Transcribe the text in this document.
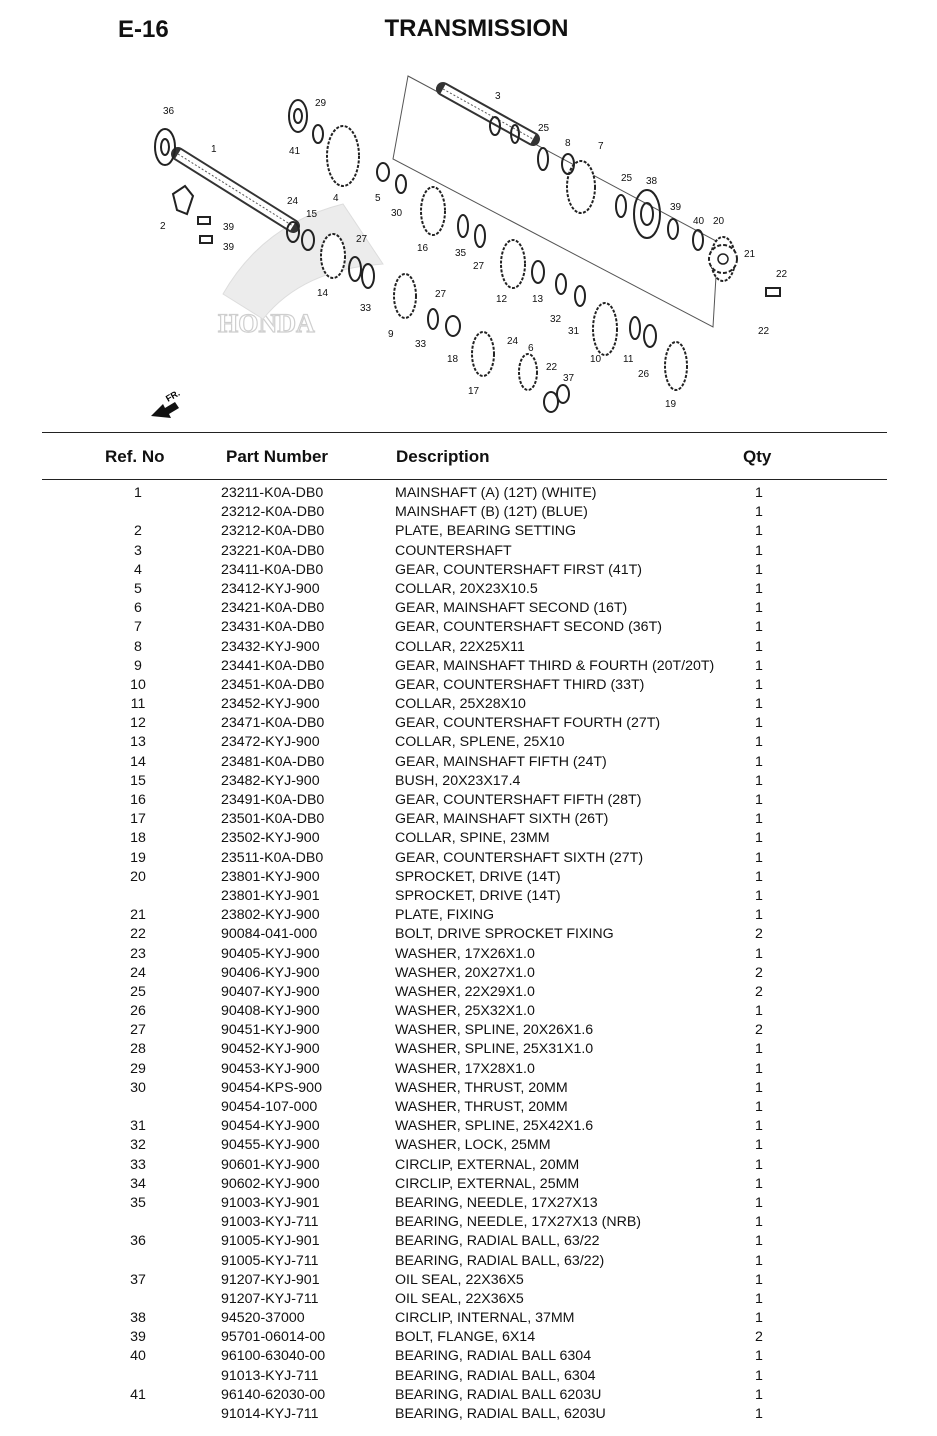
E-16	TRANSMISSION
HONDA
FR.
36
1
2	39
39
29
41
4	5
24
15	30
16	35
27
27
14
33
9
27
33
18
17
24
6
22
37
3
25
8	7
25 38
39
40 20
21
22
22
12 13
32
31
10 11
26
19
Ref. No	Part Number	Description	Qty
1	23211-K0A-DB0	MAINSHAFT (A) (12T) (WHITE)	1
23212-K0A-DB0	MAINSHAFT (B) (12T) (BLUE)	1
2	23212-K0A-DB0	PLATE, BEARING SETTING	1
3	23221-K0A-DB0	COUNTERSHAFT	1
4	23411-K0A-DB0	GEAR, COUNTERSHAFT FIRST (41T)	1
5	23412-KYJ-900	COLLAR, 20X23X10.5	1
6	23421-K0A-DB0	GEAR, MAINSHAFT SECOND (16T)	1
7	23431-K0A-DB0	GEAR, COUNTERSHAFT SECOND (36T)	1
8	23432-KYJ-900	COLLAR, 22X25X11	1
9	23441-K0A-DB0	GEAR, MAINSHAFT THIRD & FOURTH (20T/20T)	1
10	23451-K0A-DB0	GEAR, COUNTERSHAFT THIRD (33T)	1
11	23452-KYJ-900	COLLAR, 25X28X10	1
12	23471-K0A-DB0	GEAR, COUNTERSHAFT FOURTH (27T)	1
13	23472-KYJ-900	COLLAR, SPLENE, 25X10	1
14	23481-K0A-DB0	GEAR, MAINSHAFT FIFTH (24T)	1
15	23482-KYJ-900	BUSH, 20X23X17.4	1
16	23491-K0A-DB0	GEAR, COUNTERSHAFT FIFTH (28T)	1
17	23501-K0A-DB0	GEAR, MAINSHAFT SIXTH (26T)	1
18	23502-KYJ-900	COLLAR, SPINE, 23MM	1
19	23511-K0A-DB0	GEAR, COUNTERSHAFT SIXTH (27T)	1
20	23801-KYJ-900	SPROCKET, DRIVE (14T)	1
23801-KYJ-901	SPROCKET, DRIVE (14T)	1
21	23802-KYJ-900	PLATE, FIXING	1
22	90084-041-000	BOLT, DRIVE SPROCKET FIXING	2
23	90405-KYJ-900	WASHER, 17X26X1.0	1
24	90406-KYJ-900	WASHER, 20X27X1.0	2
25	90407-KYJ-900	WASHER, 22X29X1.0	2
26	90408-KYJ-900	WASHER, 25X32X1.0	1
27	90451-KYJ-900	WASHER, SPLINE, 20X26X1.6	2
28	90452-KYJ-900	WASHER, SPLINE, 25X31X1.0	1
29	90453-KYJ-900	WASHER, 17X28X1.0	1
30	90454-KPS-900	WASHER, THRUST, 20MM	1
90454-107-000	WASHER, THRUST, 20MM	1
31	90454-KYJ-900	WASHER, SPLINE, 25X42X1.6	1
32	90455-KYJ-900	WASHER, LOCK, 25MM	1
33	90601-KYJ-900	CIRCLIP, EXTERNAL, 20MM	1
34	90602-KYJ-900	CIRCLIP, EXTERNAL, 25MM	1
35	91003-KYJ-901	BEARING, NEEDLE, 17X27X13	1
91003-KYJ-711	BEARING, NEEDLE, 17X27X13 (NRB)	1
36	91005-KYJ-901	BEARING, RADIAL BALL, 63/22	1
91005-KYJ-711	BEARING, RADIAL BALL, 63/22)	1
37	91207-KYJ-901	OIL SEAL, 22X36X5	1
91207-KYJ-711	OIL SEAL, 22X36X5	1
38	94520-37000	CIRCLIP, INTERNAL, 37MM	1
39	95701-06014-00	BOLT, FLANGE, 6X14	2
40	96100-63040-00	BEARING, RADIAL BALL 6304	1
91013-KYJ-711	BEARING, RADIAL BALL, 6304	1
41	96140-62030-00	BEARING, RADIAL BALL 6203U	1
91014-KYJ-711	BEARING, RADIAL BALL, 6203U	1
